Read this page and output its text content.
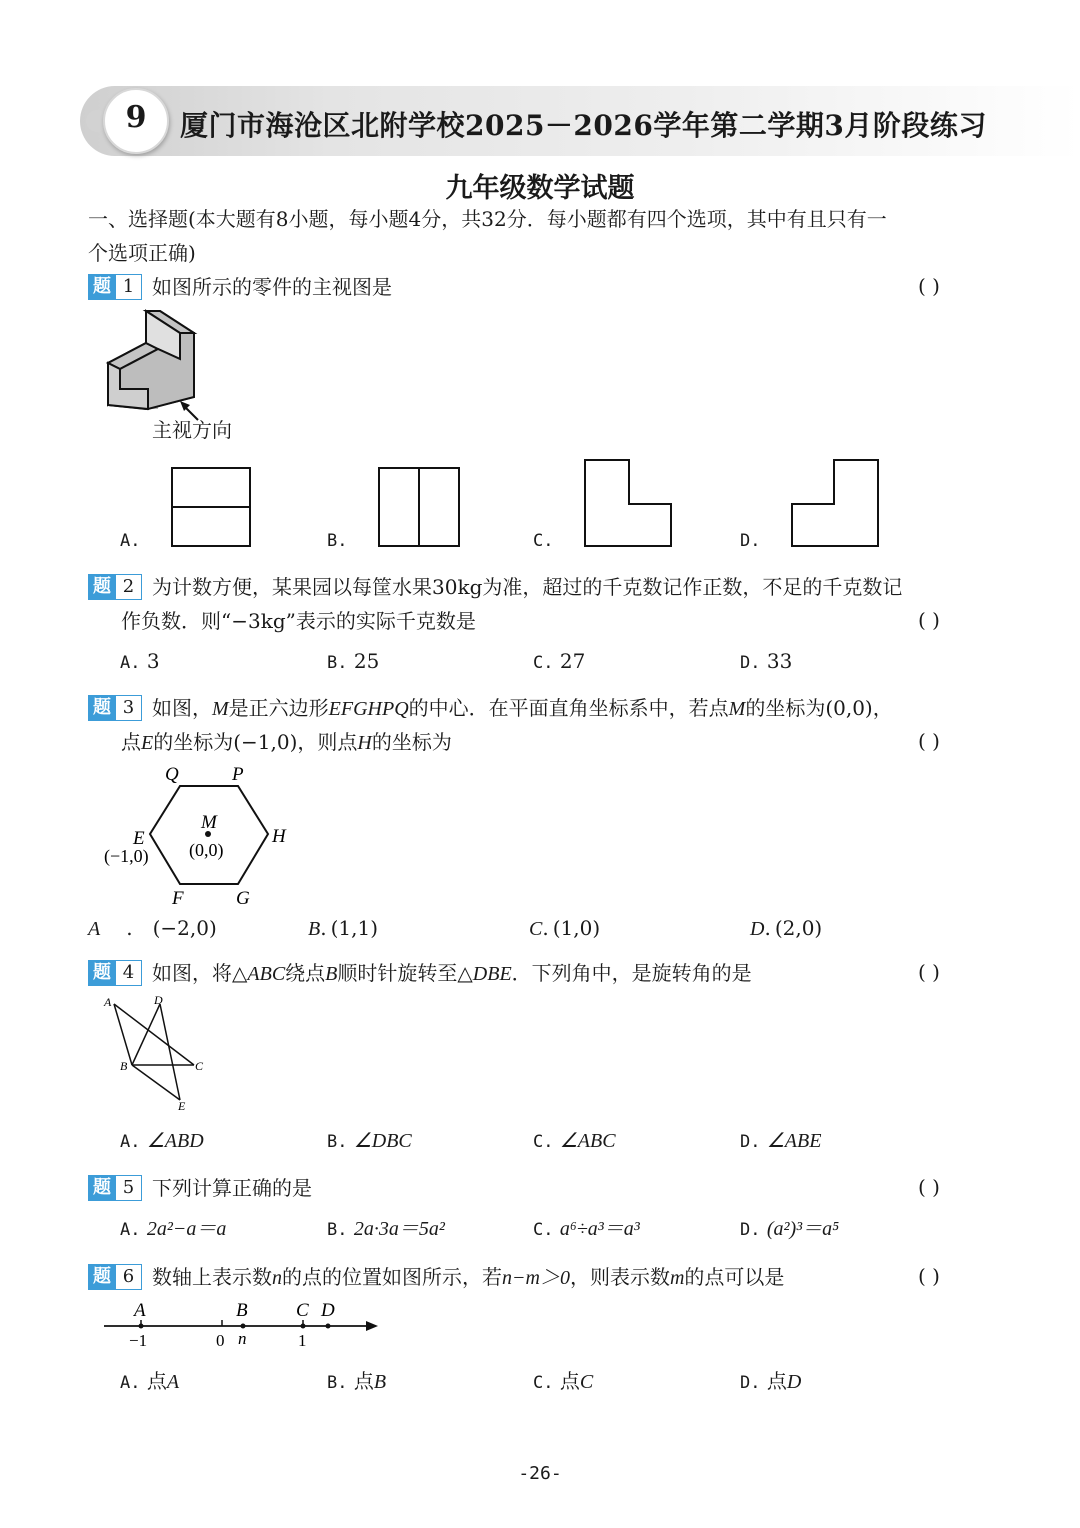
9	厦门市海沧区北附学校2025－2026学年第二学期3月阶段练习
九年级数学试题
一、选择题(本大题有8小题，每小题4分，共32分．每小题都有四个选项，其中有且只有一
个选项正确)
题 1 如图所示的零件的主视图是	( )
主视方向
A.	B.	C.	D.
题 2 为计数方便，某果园以每筐水果30kg为准，超过的千克数记作正数，不足的千克数记
作负数．则“−3kg”表示的实际千克数是	( )
A. 3	B. 25	C. 27	D. 33
题 3 如图，M是正六边形EFGHPQ的中心．在平面直角坐标系中，若点M的坐标为(0,0)，
点E的坐标为(−1,0)，则点H的坐标为	( )
Q	P
E	H
F	G
M
(0,0)
(−1,0)
A . (−2,0)	B. (1,1)	C. (1,0)	D. (2,0)
题 4 如图，将△ABC绕点B顺时针旋转至△DBE．下列角中，是旋转角的是	( )
A	D
B	C
E
A. ∠ABD	B. ∠DBC	C. ∠ABC	D. ∠ABE
题 5 下列计算正确的是	( )
A. 2a²−a＝a	B. 2a·3a＝5a²	C. a⁶÷a³＝a³	D. (a²)³＝a⁵
题 6 数轴上表示数n的点的位置如图所示，若n−m＞0，则表示数m的点可以是	( )
A	B	C D
−1	0 n	1
A. 点A	B. 点B	C. 点C	D. 点D
-26-
